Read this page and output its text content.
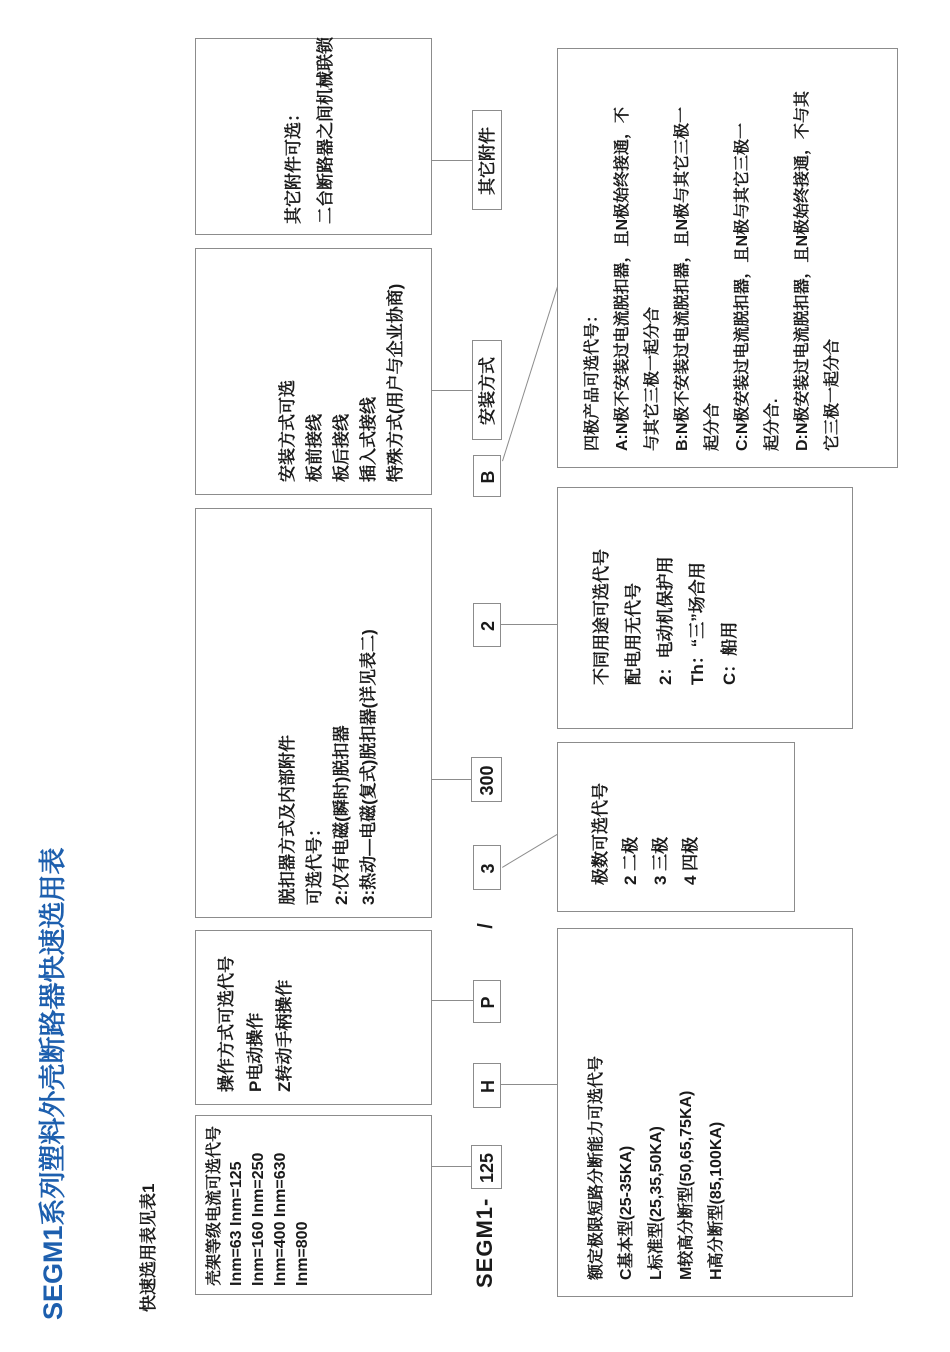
SEGM1系列塑料外壳断路器快速选用表	快速选用表见表1
其它附件可选： 二台断路器之间机械联锁
安装方式可选 板前接线 板后接线 插入式接线 特殊方式(用户与企业协商)
脱扣器方式及内部附件 可选代号： 2:仅有电磁(瞬时)脱扣器 3:热动—电磁(复式)脱扣器(详见表二)
操作方式可选代号 P电动操作 Z转动手柄操作
壳架等级电流可选代号 Inm=63 Inm=125 Inm=160 Inm=250 Inm=400 Inm=630 Inm=800
四极产品可选代号： A:N极不安装过电流脱扣器，且N极始终接通，不 与其它三极一起分合 B:N极不安装过电流脱扣器，且N极与其它三极一 起分合 C:N极安装过电流脱扣器，且N极与其它三极一 起分合. D:N极安装过电流脱扣器，且N极始终接通，不与其 它三极一起分合
不同用途可选代号 配电用无代号 2：电动机保护用 Th：“三”场合用 C：船用
极数可选代号 2 二极 3 三极 4 四极
额定极限短路分断能力可选代号 C基本型(25-35KA) L标准型(25,35,50KA) M较高分断型(50,65,75KA) H高分断型(85,100KA)
其它附件
安装方式
B
2
300
3
/
P
H
125
SEGM1-
